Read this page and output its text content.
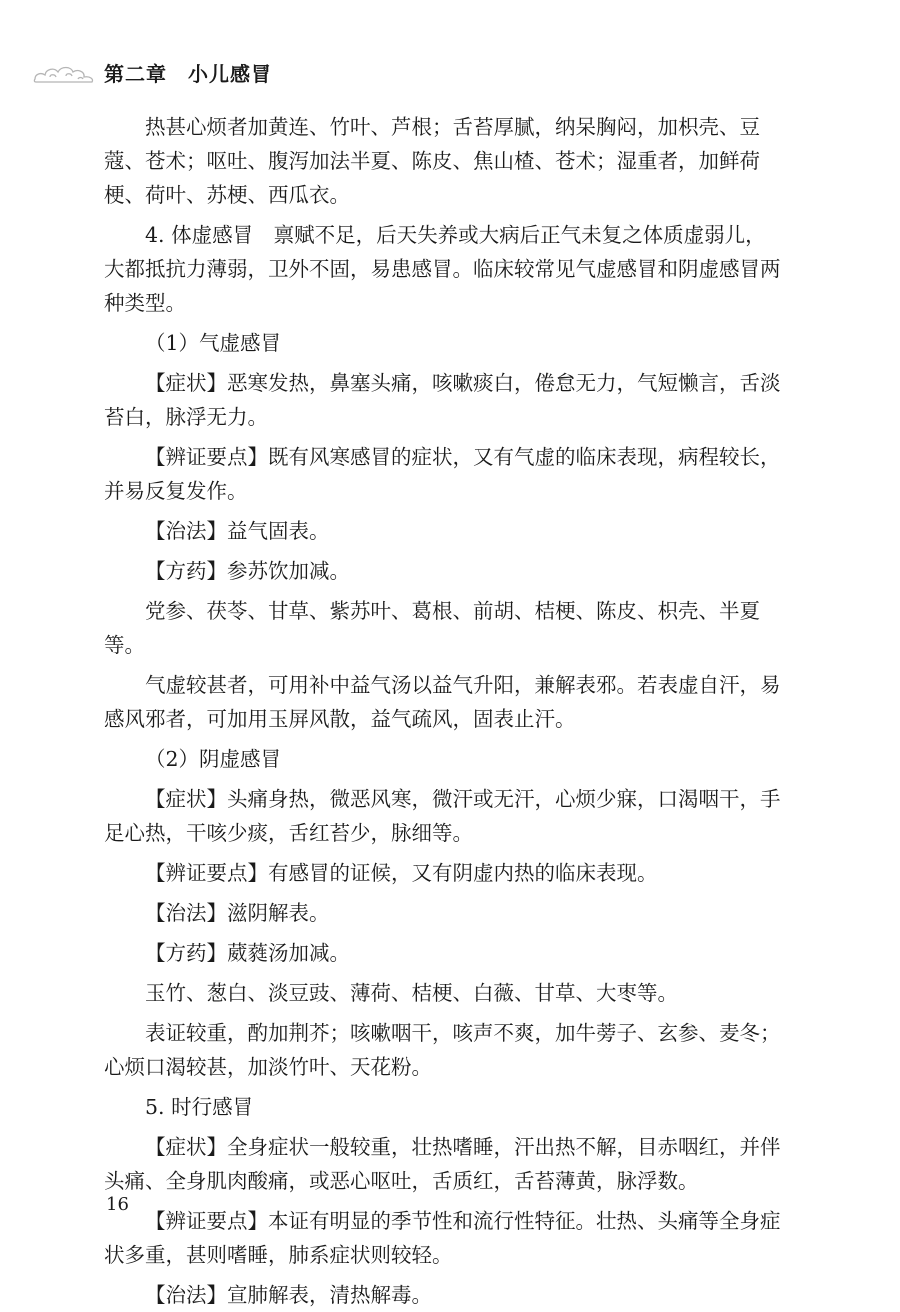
第二章　小儿感冒

热甚心烦者加黄连、竹叶、芦根；舌苔厚腻，纳呆胸闷，加枳壳、豆蔻、苍术；呕吐、腹泻加法半夏、陈皮、焦山楂、苍术；湿重者，加鲜荷梗、荷叶、苏梗、西瓜衣。

4. 体虚感冒　 禀赋不足，后天失养或大病后正气未复之体质虚弱儿，大都抵抗力薄弱，卫外不固，易患感冒。临床较常见气虚感冒和阴虚感冒两种类型。

（1）气虚感冒

【症状】恶寒发热，鼻塞头痛，咳嗽痰白，倦怠无力，气短懒言，舌淡苔白，脉浮无力。

【辨证要点】既有风寒感冒的症状，又有气虚的临床表现，病程较长，并易反复发作。

【治法】益气固表。

【方药】参苏饮加减。

党参、茯苓、甘草、紫苏叶、葛根、前胡、桔梗、陈皮、枳壳、半夏等。

气虚较甚者，可用补中益气汤以益气升阳，兼解表邪。若表虚自汗，易感风邪者，可加用玉屏风散，益气疏风，固表止汗。

（2）阴虚感冒

【症状】头痛身热，微恶风寒，微汗或无汗，心烦少寐，口渴咽干，手足心热，干咳少痰，舌红苔少，脉细等。

【辨证要点】有感冒的证候，又有阴虚内热的临床表现。

【治法】滋阴解表。

【方药】葳蕤汤加减。

玉竹、葱白、淡豆豉、薄荷、桔梗、白薇、甘草、大枣等。

表证较重，酌加荆芥；咳嗽咽干，咳声不爽，加牛蒡子、玄参、麦冬；心烦口渴较甚，加淡竹叶、天花粉。

5. 时行感冒

【症状】全身症状一般较重，壮热嗜睡，汗出热不解，目赤咽红，并伴头痛、全身肌肉酸痛，或恶心呕吐，舌质红，舌苔薄黄，脉浮数。

【辨证要点】本证有明显的季节性和流行性特征。壮热、头痛等全身症状多重，甚则嗜睡，肺系症状则较轻。

【治法】宣肺解表，清热解毒。

16
